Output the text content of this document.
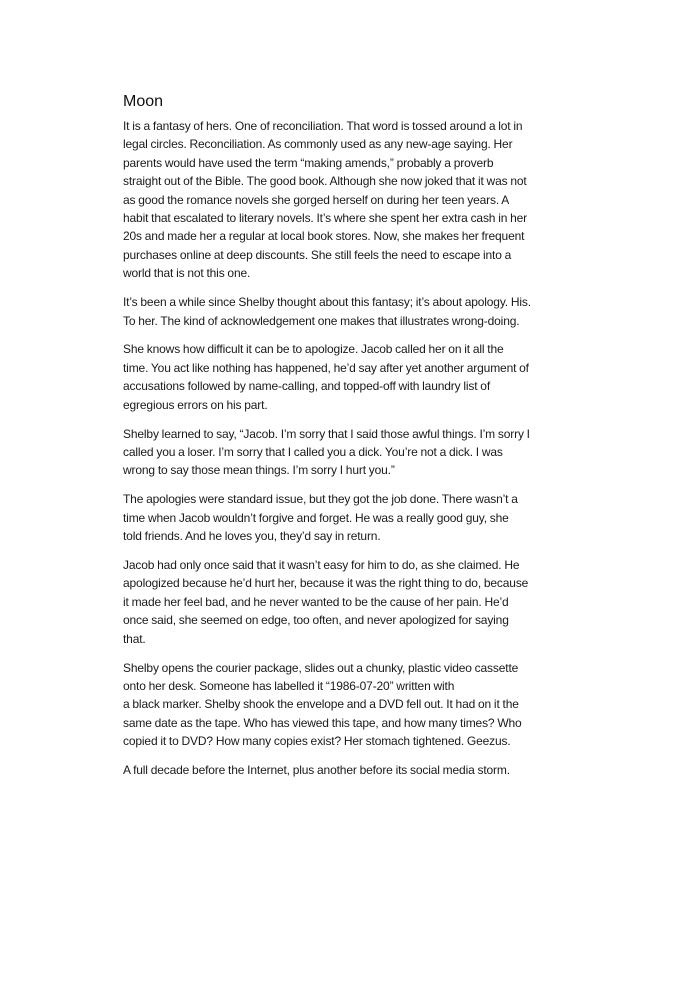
Moon

It is a fantasy of hers. One of reconciliation. That word is tossed around a lot in
legal circles. Reconciliation. As commonly used as any new-age saying. Her
parents would have used the term “making amends,” probably a proverb
straight out of the Bible. The good book. Although she now joked that it was not
as good the romance novels she gorged herself on during her teen years. A
habit that escalated to literary novels. It’s where she spent her extra cash in her
20s and made her a regular at local book stores. Now, she makes her frequent
purchases online at deep discounts. She still feels the need to escape into a
world that is not this one.

It’s been a while since Shelby thought about this fantasy; it’s about apology. His.
To her. The kind of acknowledgement one makes that illustrates wrong-doing.

She knows how difficult it can be to apologize. Jacob called her on it all the
time. You act like nothing has happened, he’d say after yet another argument of
accusations followed by name-calling, and topped-off with laundry list of
egregious errors on his part.

Shelby learned to say, “Jacob. I’m sorry that I said those awful things. I’m sorry I
called you a loser. I’m sorry that I called you a dick. You’re not a dick. I was
wrong to say those mean things. I’m sorry I hurt you.”

The apologies were standard issue, but they got the job done. There wasn’t a
time when Jacob wouldn’t forgive and forget. He was a really good guy, she
told friends. And he loves you, they’d say in return.

Jacob had only once said that it wasn’t easy for him to do, as she claimed. He
apologized because he’d hurt her, because it was the right thing to do, because
it made her feel bad, and he never wanted to be the cause of her pain. He’d
once said, she seemed on edge, too often, and never apologized for saying
that.

Shelby opens the courier package, slides out a chunky, plastic video cassette
onto her desk. Someone has labelled it “1986-07-20” written with
a black marker. Shelby shook the envelope and a DVD fell out. It had on it the
same date as the tape. Who has viewed this tape, and how many times? Who
copied it to DVD? How many copies exist? Her stomach tightened. Geezus.

A full decade before the Internet, plus another before its social media storm.
